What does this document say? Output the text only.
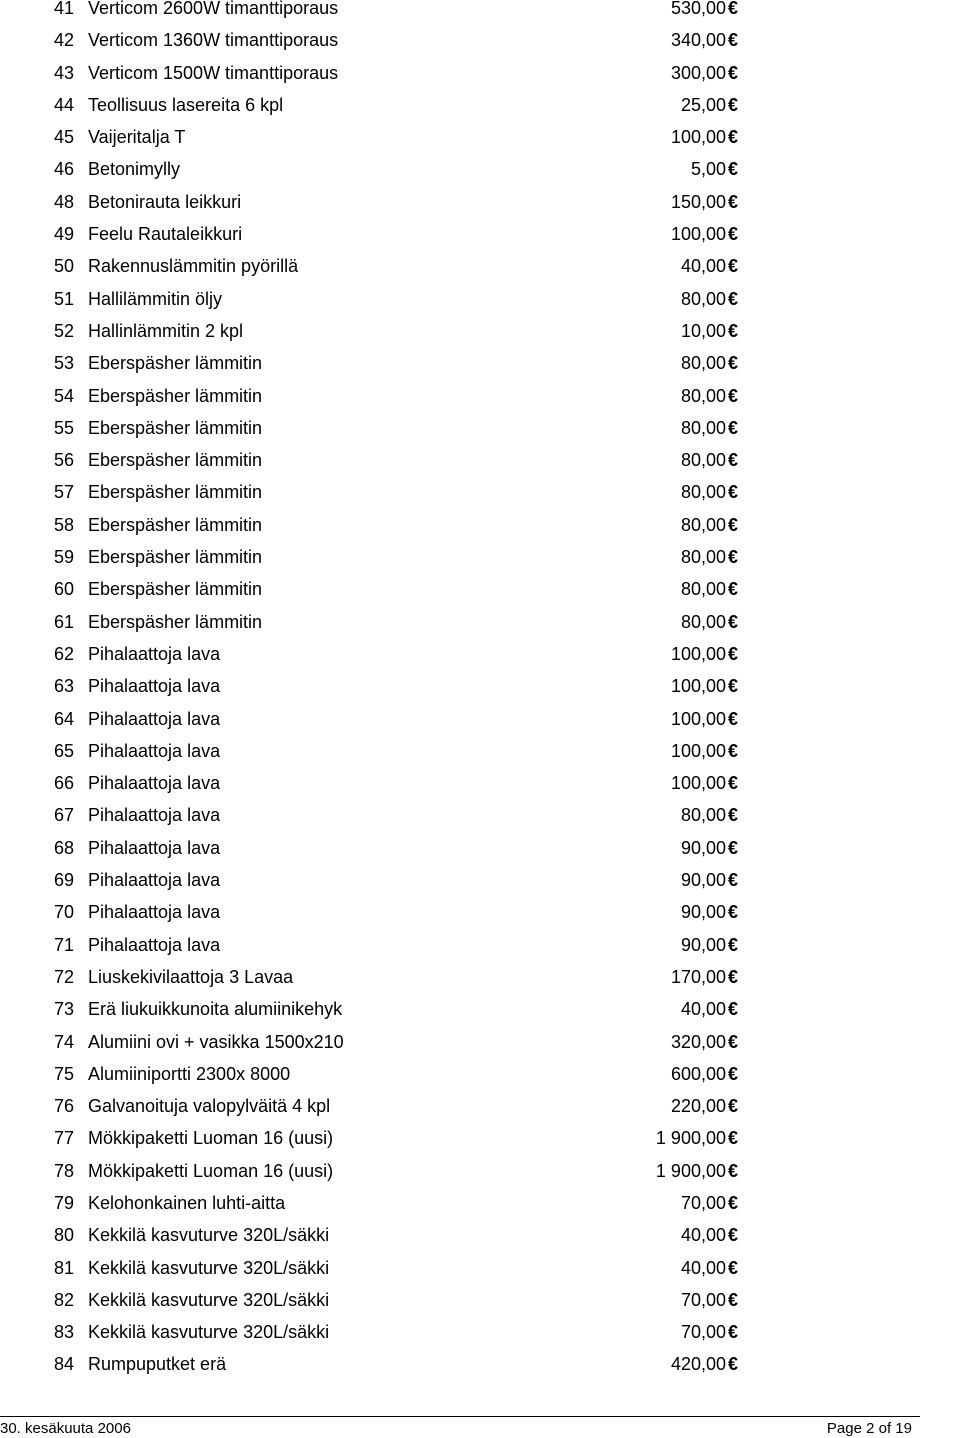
41 Verticom 2600W timanttiporaus	530,00 €
42 Verticom 1360W timanttiporaus	340,00 €
43 Verticom 1500W timanttiporaus	300,00 €
44 Teollisuus lasereita 6 kpl	25,00 €
45 Vaijeritalja T	100,00 €
46 Betonimylly	5,00 €
48 Betonirauta leikkuri	150,00 €
49 Feelu Rautaleikkuri	100,00 €
50 Rakennuslämmitin pyörillä	40,00 €
51 Hallilämmitin öljy	80,00 €
52 Hallinlämmitin 2 kpl	10,00 €
53 Eberspäsher lämmitin	80,00 €
54 Eberspäsher lämmitin	80,00 €
55 Eberspäsher lämmitin	80,00 €
56 Eberspäsher lämmitin	80,00 €
57 Eberspäsher lämmitin	80,00 €
58 Eberspäsher lämmitin	80,00 €
59 Eberspäsher lämmitin	80,00 €
60 Eberspäsher lämmitin	80,00 €
61 Eberspäsher lämmitin	80,00 €
62 Pihalaattoja lava	100,00 €
63 Pihalaattoja lava	100,00 €
64 Pihalaattoja lava	100,00 €
65 Pihalaattoja lava	100,00 €
66 Pihalaattoja lava	100,00 €
67 Pihalaattoja lava	80,00 €
68 Pihalaattoja lava	90,00 €
69 Pihalaattoja lava	90,00 €
70 Pihalaattoja lava	90,00 €
71 Pihalaattoja lava	90,00 €
72 Liuskekivilaattoja 3 Lavaa	170,00 €
73 Erä liukuikkunoita alumiinikehyk	40,00 €
74 Alumiini ovi + vasikka 1500x210	320,00 €
75 Alumiiniportti 2300x 8000	600,00 €
76 Galvanoituja valopylväitä 4 kpl	220,00 €
77 Mökkipaketti Luoman 16 (uusi)	1 900,00 €
78 Mökkipaketti Luoman 16 (uusi)	1 900,00 €
79 Kelohonkainen luhti-aitta	70,00 €
80 Kekkilä kasvuturve 320L/säkki	40,00 €
81 Kekkilä kasvuturve 320L/säkki	40,00 €
82 Kekkilä kasvuturve 320L/säkki	70,00 €
83 Kekkilä kasvuturve 320L/säkki	70,00 €
84 Rumpuputket erä	420,00 €
30. kesäkuuta 2006	Page 2 of 19
